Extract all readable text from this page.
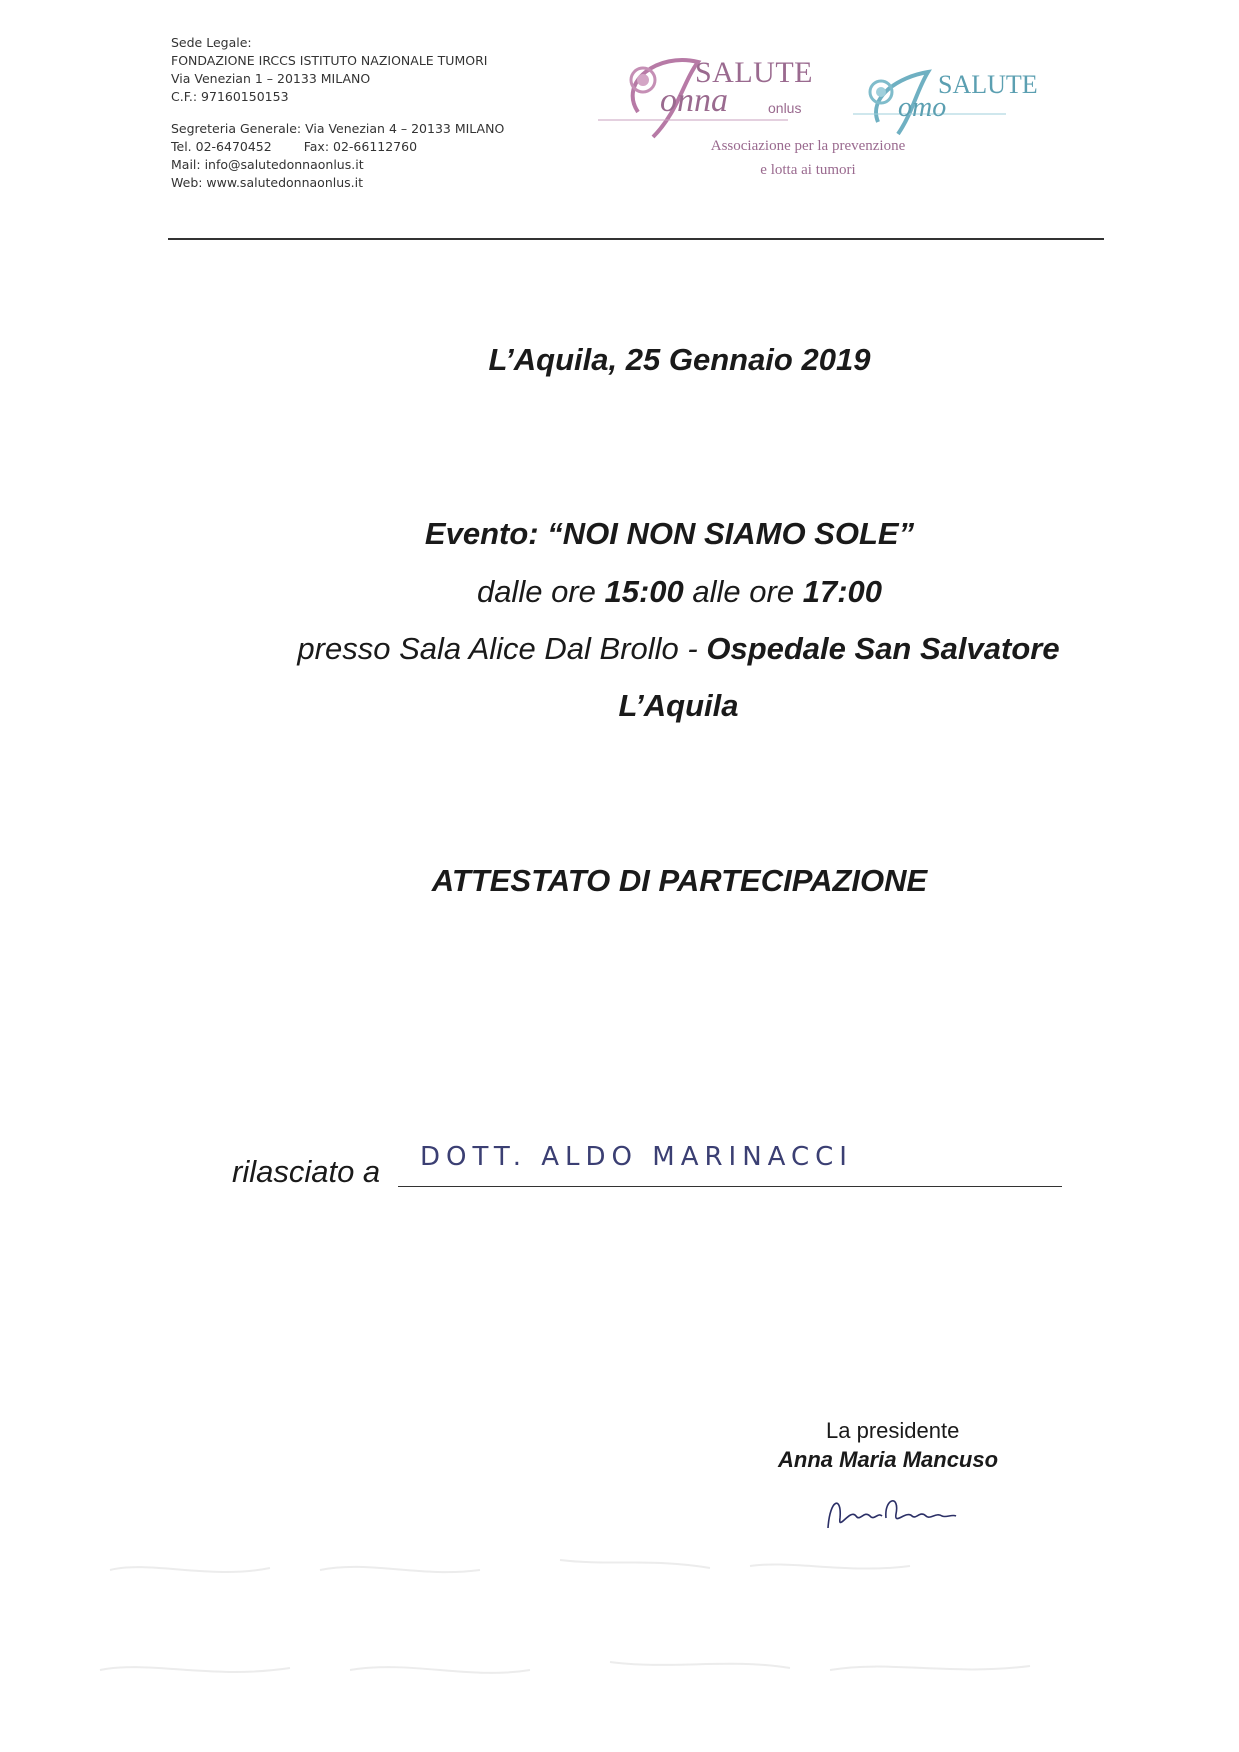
Sede Legale:
FONDAZIONE IRCCS ISTITUTO NAZIONALE TUMORI
Via Venezian 1 – 20133 MILANO
C.F.: 97160150153
Segreteria Generale: Via Venezian 4 – 20133 MILANO
Tel. 02-6470452	Fax: 02-66112760
Mail: info@salutedonnaonlus.it
Web: www.salutedonnaonlus.it
SALUTE
onna	onlus
SALUTE
omo
Associazione per la prevenzione
e lotta ai tumori
L’Aquila, 25 Gennaio 2019
Evento: “NOI NON SIAMO SOLE”
dalle ore 15:00 alle ore 17:00
presso Sala Alice Dal Brollo - Ospedale San Salvatore
L’Aquila
ATTESTATO DI PARTECIPAZIONE
rilasciato a DOTT. ALDO MARINACCI
La presidente
Anna Maria Mancuso
